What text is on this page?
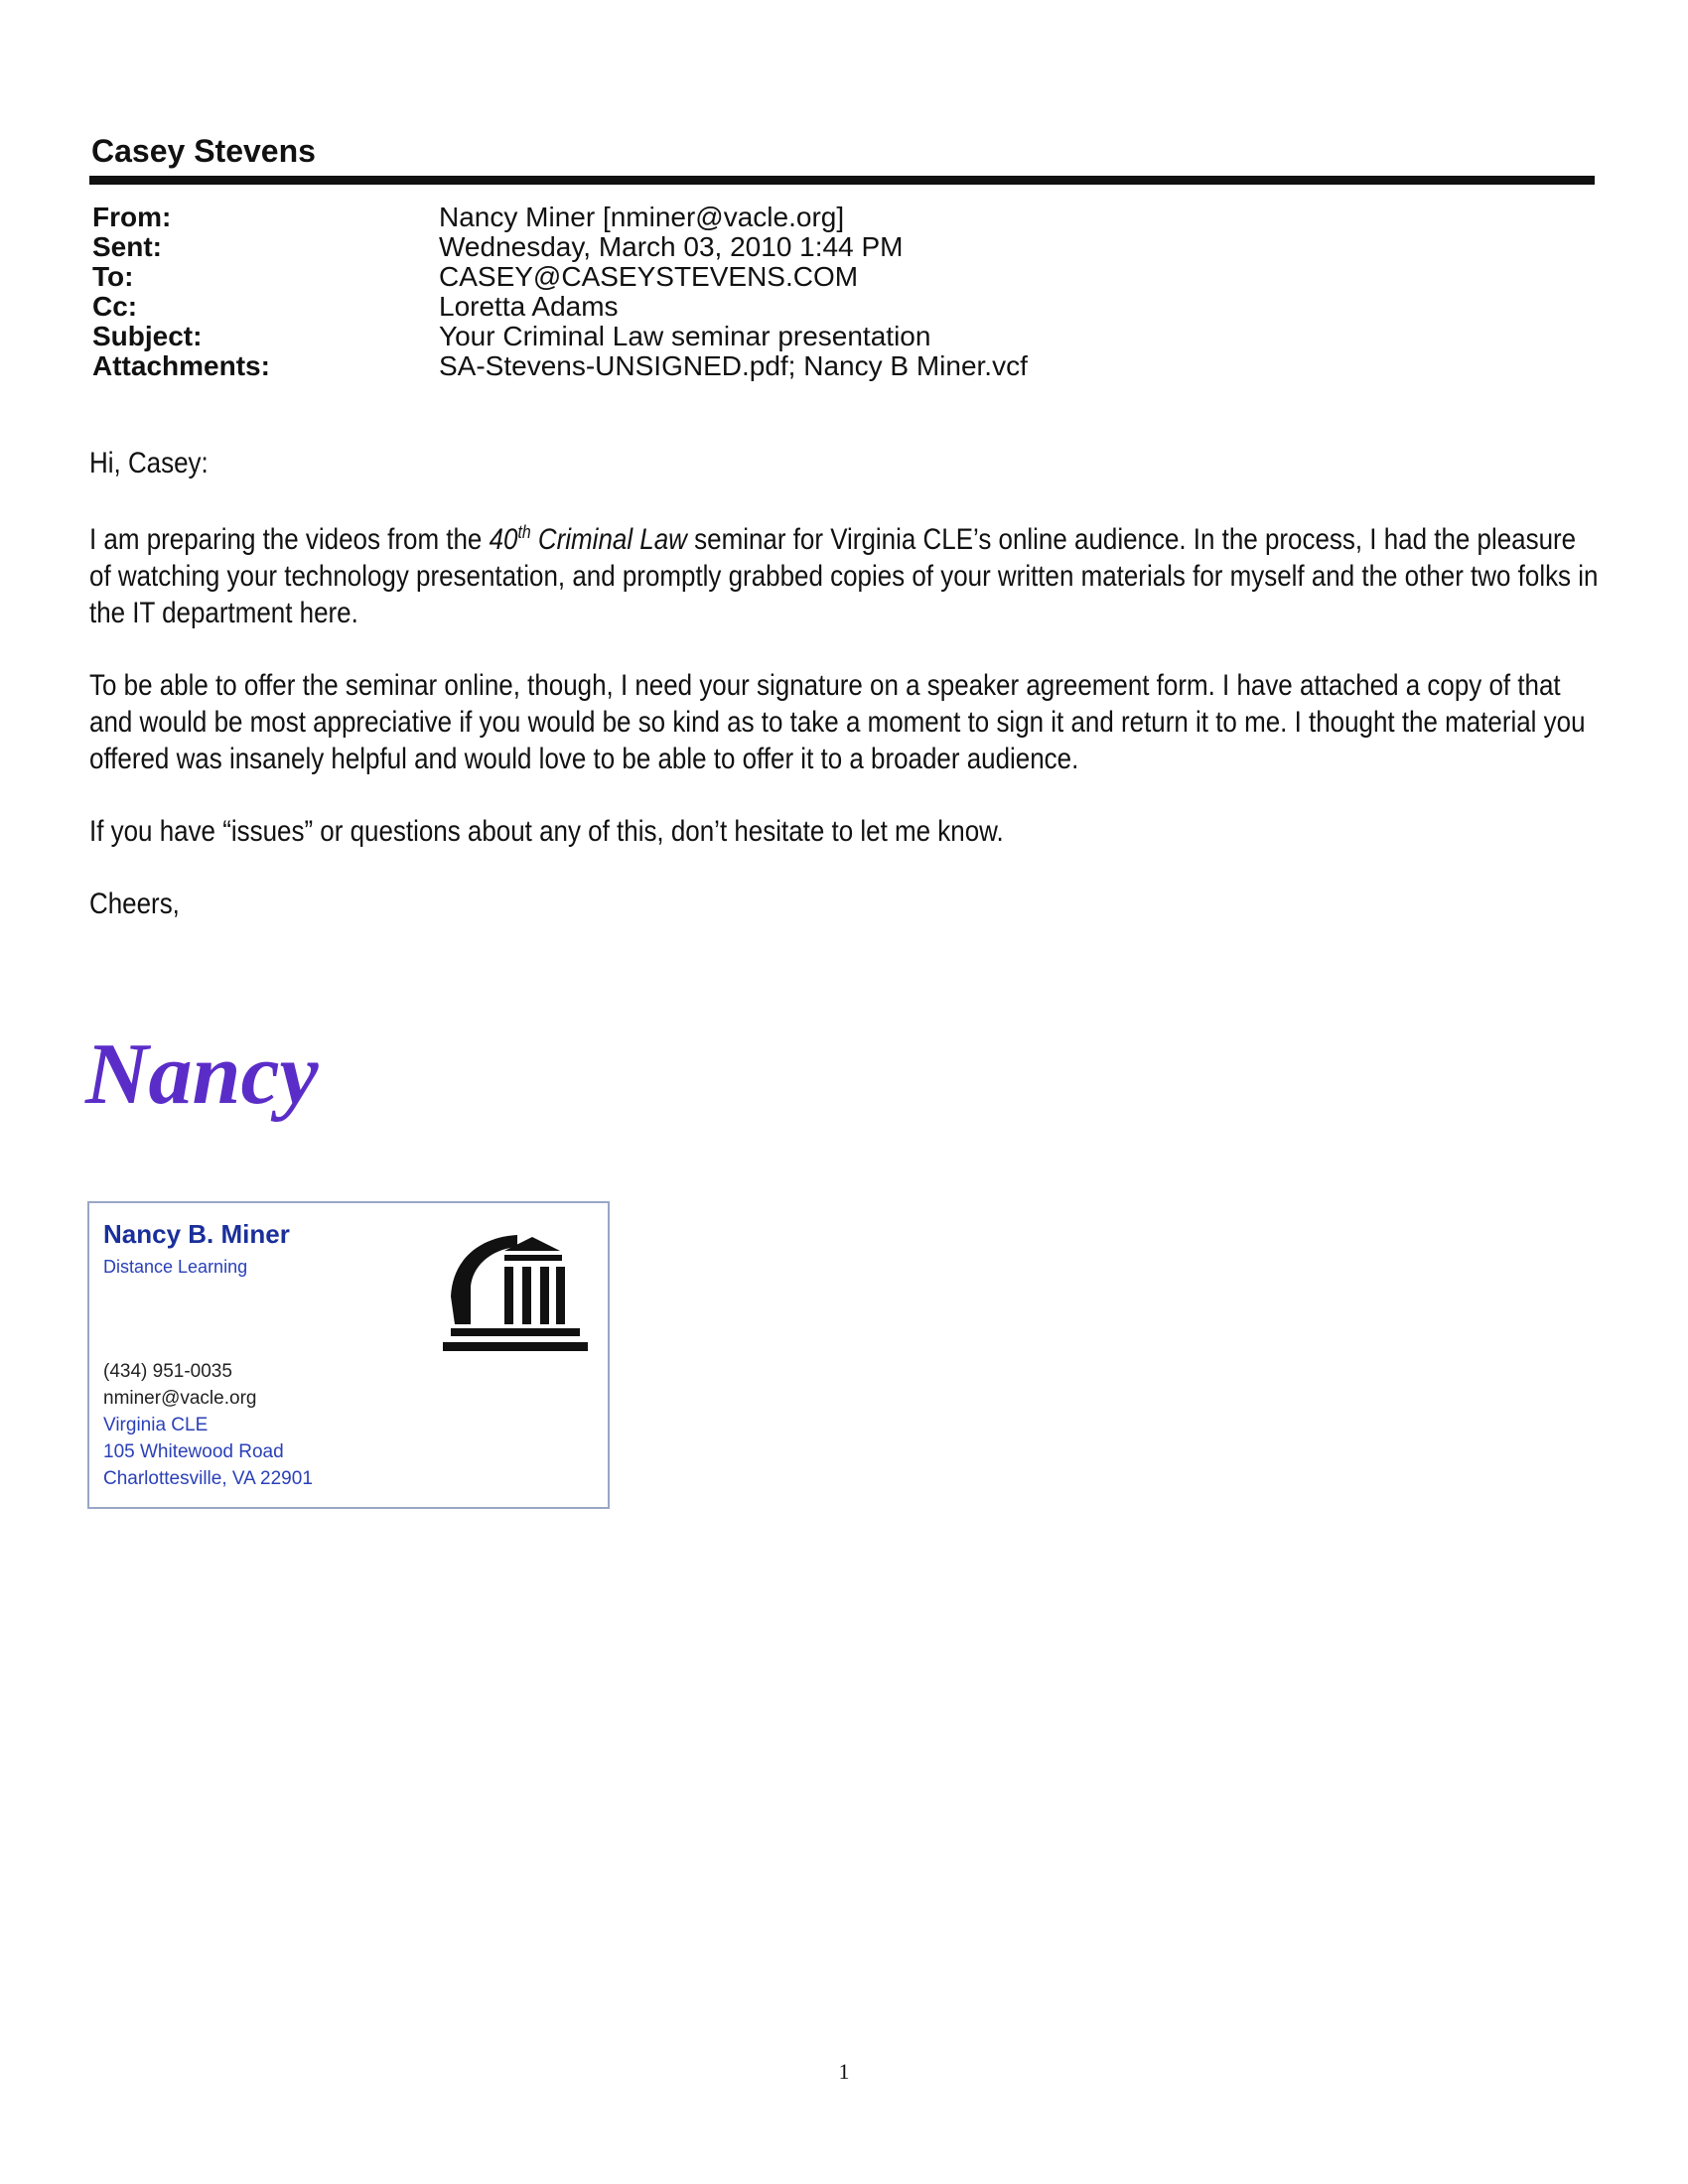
Casey Stevens
From:	Nancy Miner [nminer@vacle.org]
Sent:	Wednesday, March 03, 2010 1:44 PM
To:	CASEY@CASEYSTEVENS.COM
Cc:	Loretta Adams
Subject:	Your Criminal Law seminar presentation
Attachments:	SA-Stevens-UNSIGNED.pdf; Nancy B Miner.vcf

Hi, Casey:

I am preparing the videos from the 40th Criminal Law seminar for Virginia CLE’s online audience. In the process, I had the pleasure of watching your technology presentation, and promptly grabbed copies of your written materials for myself and the other two folks in the IT department here.

To be able to offer the seminar online, though, I need your signature on a speaker agreement form. I have attached a copy of that and would be most appreciative if you would be so kind as to take a moment to sign it and return it to me. I thought the material you offered was insanely helpful and would love to be able to offer it to a broader audience.

If you have “issues” or questions about any of this, don’t hesitate to let me know.

Cheers,

Nancy
Nancy B. Miner
Distance Learning
(434) 951-0035
nminer@vacle.org
Virginia CLE
105 Whitewood Road
Charlottesville, VA 22901
1
